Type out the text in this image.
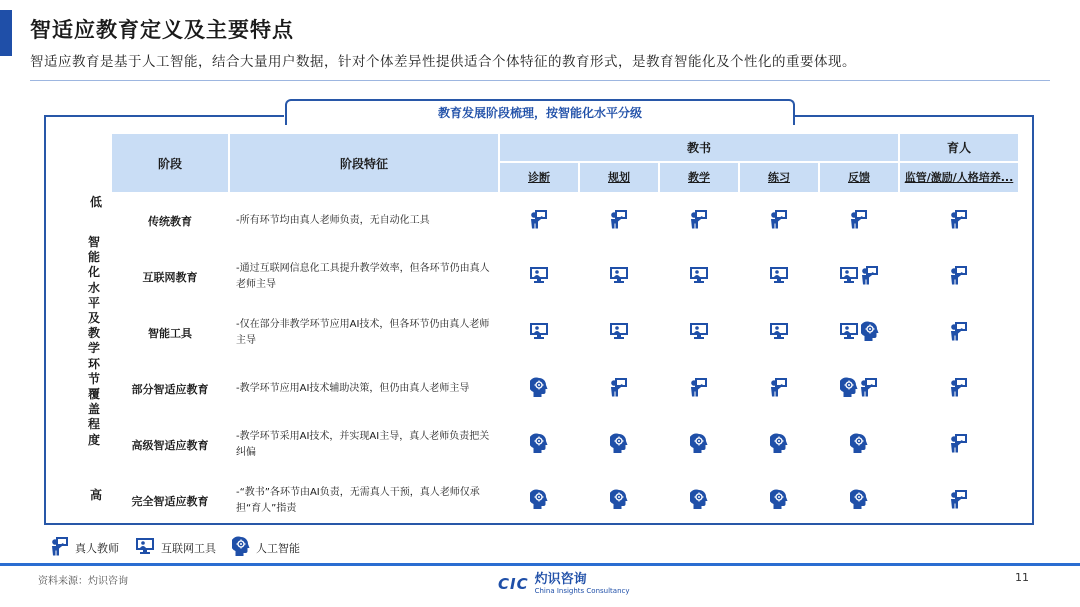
智适应教育定义及主要特点
智适应教育是基于人工智能，结合大量用户数据，针对个体差异性提供适合个体特征的教育形式，是教育智能化及个性化的重要体现。
教育发展阶段梳理，按智能化水平分级
低
智能化水平及教学环节覆盖程度
高
阶段	阶段特征	教书					育人
		诊断	规划	教学	练习	反馈	监管/激励/人格培养...
传统教育	-所有环节均由真人老师负责，无自动化工具						
互联网教育	-通过互联网信息化工具提升教学效率，但各环节仍由真人老师主导						
智能工具	-仅在部分非教学环节应用AI技术，但各环节仍由真人老师主导						
部分智适应教育	-教学环节应用AI技术辅助决策，但仍由真人老师主导						
高级智适应教育	-教学环节采用AI技术，并实现AI主导，真人老师负责把关纠偏						
完全智适应教育	-“教书”各环节由AI负责，无需真人干预，真人老师仅承担“育人”指责						
真人教师	互联网工具	人工智能
资料来源：灼识咨询	CIC 灼识咨询
China Insights Consultancy
11
